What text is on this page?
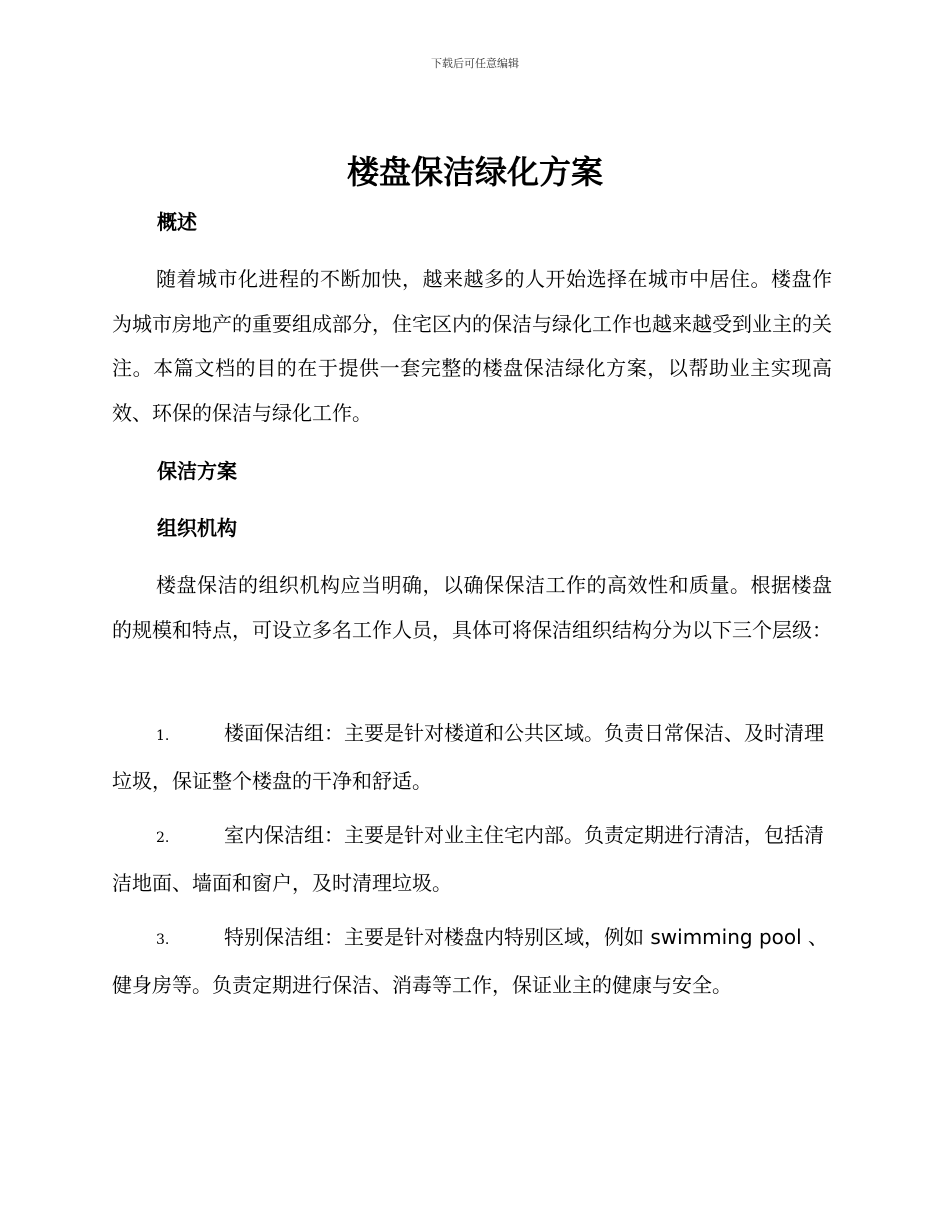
下载后可任意编辑
楼盘保洁绿化方案
概述

随着城市化进程的不断加快，越来越多的人开始选择在城市中居住。楼盘作为城市房地产的重要组成部分，住宅区内的保洁与绿化工作也越来越受到业主的关注。本篇文档的目的在于提供一套完整的楼盘保洁绿化方案，以帮助业主实现高效、环保的保洁与绿化工作。

保洁方案
组织机构

楼盘保洁的组织机构应当明确，以确保保洁工作的高效性和质量。根据楼盘的规模和特点，可设立多名工作人员，具体可将保洁组织结构分为以下三个层级：

1.	楼面保洁组：主要是针对楼道和公共区域。负责日常保洁、及时清理垃圾，保证整个楼盘的干净和舒适。

2.	室内保洁组：主要是针对业主住宅内部。负责定期进行清洁，包括清洁地面、墙面和窗户，及时清理垃圾。

3.	特别保洁组：主要是针对楼盘内特别区域，例如 swimming pool 、健身房等。负责定期进行保洁、消毒等工作，保证业主的健康与安全。
